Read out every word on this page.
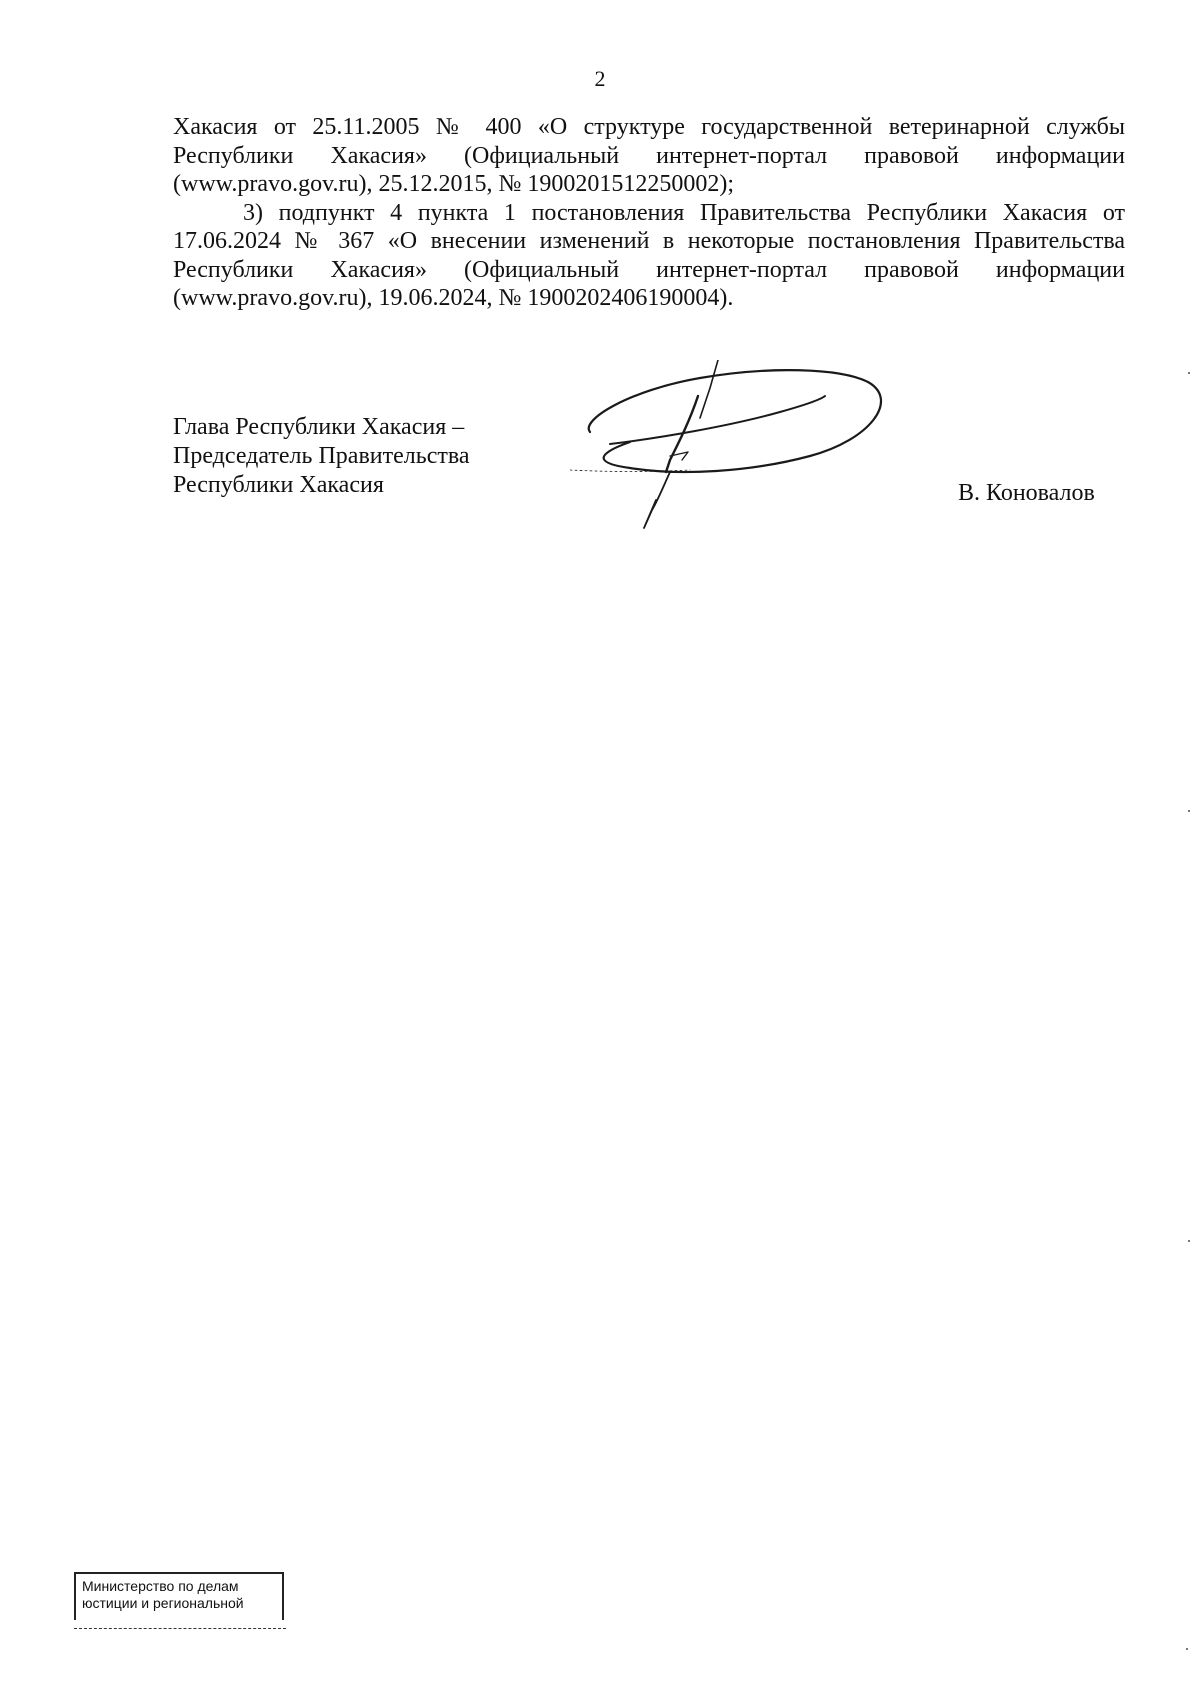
2

Хакасия от 25.11.2005 № 400 «О структуре государственной ветеринарной службы Республики Хакасия» (Официальный интернет-портал правовой информации (www.pravo.gov.ru), 25.12.2015, № 1900201512250002);

3) подпункт 4 пункта 1 постановления Правительства Республики Хакасия от 17.06.2024 № 367 «О внесении изменений в некоторые постановления Правительства Республики Хакасия» (Официальный интернет-портал правовой информации (www.pravo.gov.ru), 19.06.2024, № 1900202406190004).

Глава Республики Хакасия –
Председатель Правительства
Республики Хакасия	В. Коновалов
Министерство по делам
юстиции и региональной
